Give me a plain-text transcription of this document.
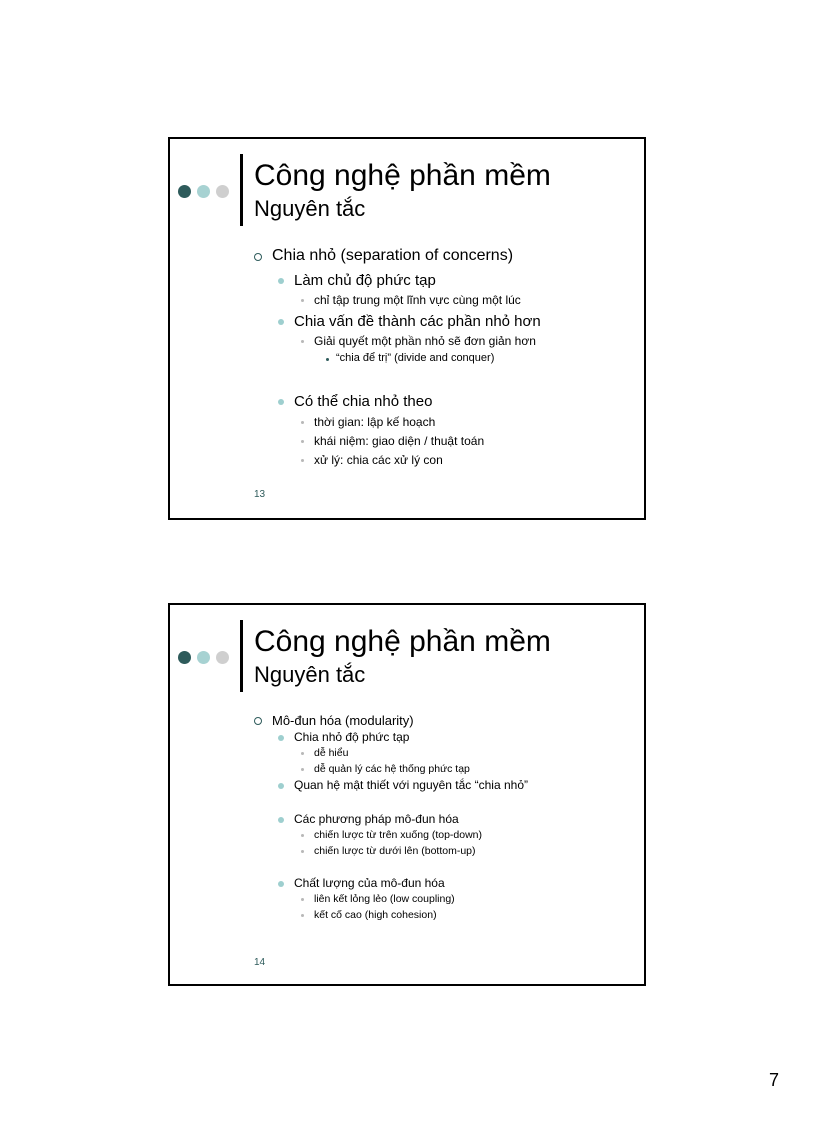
Công nghệ phần mềm
Nguyên tắc
Chia nhỏ (separation of concerns)
Làm chủ độ phức tạp
chỉ tập trung một lĩnh vực cùng một lúc
Chia vấn đề thành các phần nhỏ hơn
Giải quyết một phần nhỏ sẽ đơn giản hơn
“chia để trị” (divide and conquer)
Có thể chia nhỏ theo
thời gian: lập kế hoạch
khái niệm: giao diện / thuật toán
xử lý: chia các xử lý con
13
Công nghệ phần mềm
Nguyên tắc
Mô-đun hóa (modularity)
Chia nhỏ độ phức tạp
dễ hiểu
dễ quản lý các hệ thống phức tạp
Quan hệ mật thiết với nguyên tắc “chia nhỏ”
Các phương pháp mô-đun hóa
chiến lược từ trên xuống (top-down)
chiến lược từ dưới lên (bottom-up)
Chất lượng của mô-đun hóa
liên kết lỏng lẻo (low coupling)
kết cố cao (high cohesion)
14
7
